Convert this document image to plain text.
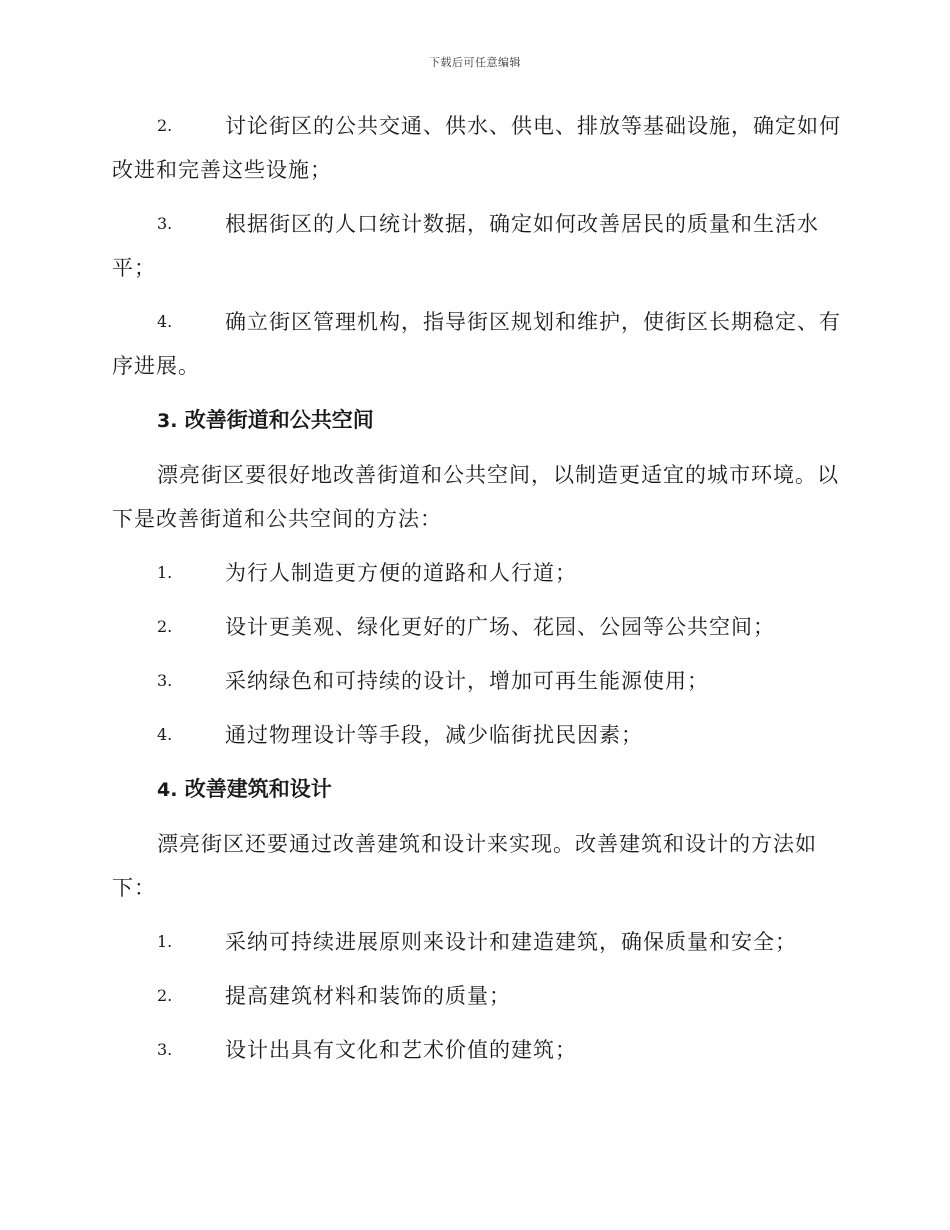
下载后可任意编辑
2.	讨论街区的公共交通、供水、供电、排放等基础设施，确定如何
改进和完善这些设施；
3.	根据街区的人口统计数据，确定如何改善居民的质量和生活水
平；
4.	确立街区管理机构，指导街区规划和维护，使街区长期稳定、有
序进展。
3. 改善街道和公共空间
漂亮街区要很好地改善街道和公共空间，以制造更适宜的城市环境。以
下是改善街道和公共空间的方法：
1.	为行人制造更方便的道路和人行道；
2.	设计更美观、绿化更好的广场、花园、公园等公共空间；
3.	采纳绿色和可持续的设计，增加可再生能源使用；
4.	通过物理设计等手段，减少临街扰民因素；
4. 改善建筑和设计
漂亮街区还要通过改善建筑和设计来实现。改善建筑和设计的方法如
下：
1.	采纳可持续进展原则来设计和建造建筑，确保质量和安全；
2.	提高建筑材料和装饰的质量；
3.	设计出具有文化和艺术价值的建筑；
